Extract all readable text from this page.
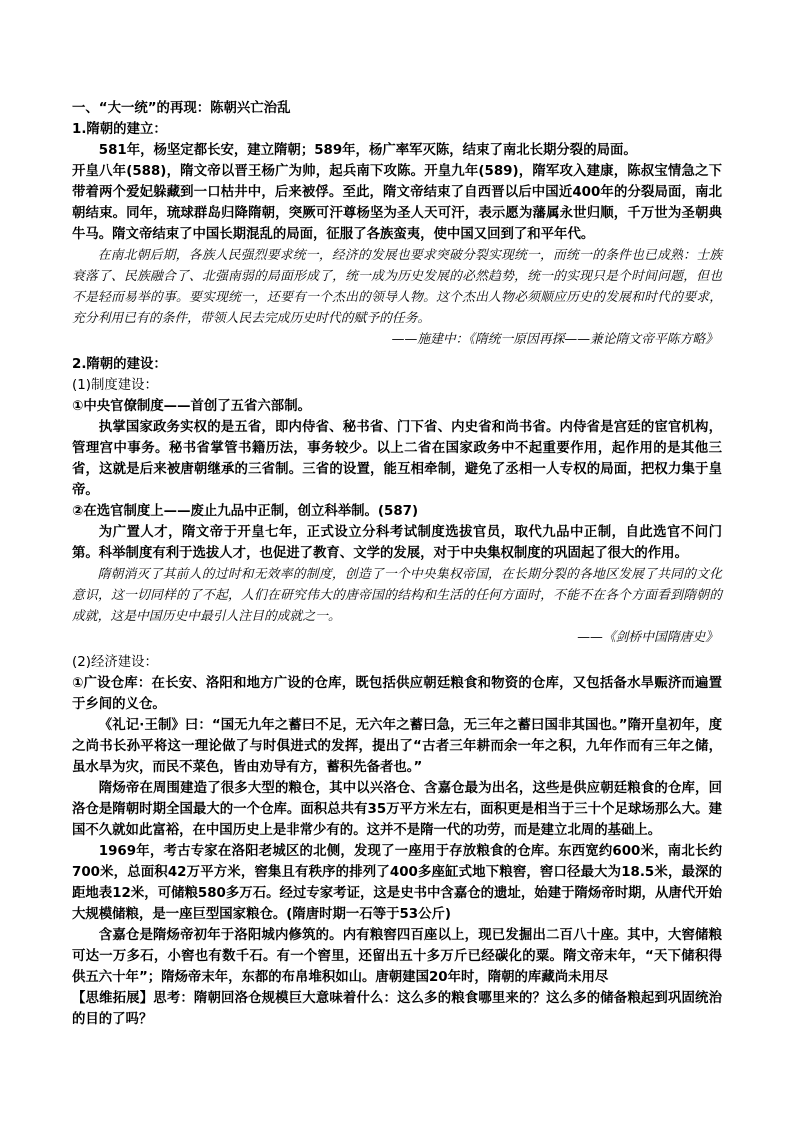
一、“大一统”的再现：陈朝兴亡治乱

1.隋朝的建立：

581年，杨坚定都长安，建立隋朝；589年，杨广率军灭陈，结束了南北长期分裂的局面。

开皇八年(588)，隋文帝以晋王杨广为帅，起兵南下攻陈。开皇九年(589)，隋军攻入建康，陈叔宝情急之下带着两个爱妃躲藏到一口枯井中，后来被俘。至此，隋文帝结束了自西晋以后中国近400年的分裂局面，南北朝结束。同年，琉球群岛归降隋朝，突厥可汗尊杨坚为圣人天可汗，表示愿为藩属永世归顺，千万世为圣朝典牛马。隋文帝结束了中国长期混乱的局面，征服了各族蛮夷，使中国又回到了和平年代。

在南北朝后期，各族人民强烈要求统一，经济的发展也要求突破分裂实现统一，而统一的条件也已成熟：士族衰落了、民族融合了、北强南弱的局面形成了，统一成为历史发展的必然趋势，统一的实现只是个时间问题，但也不是轻而易举的事。要实现统一，还要有一个杰出的领导人物。这个杰出人物必须顺应历史的发展和时代的要求，充分利用已有的条件，带领人民去完成历史时代的赋予的任务。

——施建中：《隋统一原因再探——兼论隋文帝平陈方略》

2.隋朝的建设：

(1)制度建设：

①中央官僚制度——首创了五省六部制。

执掌国家政务实权的是五省，即内侍省、秘书省、门下省、内史省和尚书省。内侍省是宫廷的宦官机构，管理宫中事务。秘书省掌管书籍历法，事务较少。以上二省在国家政务中不起重要作用，起作用的是其他三省，这就是后来被唐朝继承的三省制。三省的设置，能互相牵制，避免了丞相一人专权的局面，把权力集于皇帝。

②在选官制度上——废止九品中正制，创立科举制。(587)

为广置人才，隋文帝于开皇七年，正式设立分科考试制度选拔官员，取代九品中正制，自此选官不问门第。科举制度有利于选拔人才，也促进了教育、文学的发展，对于中央集权制度的巩固起了很大的作用。

隋朝消灭了其前人的过时和无效率的制度，创造了一个中央集权帝国，在长期分裂的各地区发展了共同的文化意识，这一切同样的了不起，人们在研究伟大的唐帝国的结构和生活的任何方面时，不能不在各个方面看到隋朝的成就，这是中国历史中最引人注目的成就之一。

——《剑桥中国隋唐史》

(2)经济建设：

①广设仓库：在长安、洛阳和地方广设的仓库，既包括供应朝廷粮食和物资的仓库，又包括备水旱赈济而遍置于乡间的义仓。

《礼记·王制》曰：“国无九年之蓄曰不足，无六年之蓄曰急，无三年之蓄曰国非其国也。”隋开皇初年，度之尚书长孙平将这一理论做了与时俱进式的发挥，提出了“古者三年耕而余一年之积，九年作而有三年之储，虽水旱为灾，而民不菜色，皆由劝导有方，蓄积先备者也。”

隋炀帝在周围建造了很多大型的粮仓，其中以兴洛仓、含嘉仓最为出名，这些是供应朝廷粮食的仓库，回洛仓是隋朝时期全国最大的一个仓库。面积总共有35万平方米左右，面积更是相当于三十个足球场那么大。建国不久就如此富裕，在中国历史上是非常少有的。这并不是隋一代的功劳，而是建立北周的基础上。

1969年，考古专家在洛阳老城区的北侧，发现了一座用于存放粮食的仓库。东西宽约600米，南北长约700米，总面积42万平方米，窖集且有秩序的排列了400多座缸式地下粮窖，窖口径最大为18.5米，最深的距地表12米，可储粮580多万石。经过专家考证，这是史书中含嘉仓的遗址，始建于隋炀帝时期，从唐代开始大规模储粮，是一座巨型国家粮仓。(隋唐时期一石等于53公斤)

含嘉仓是隋炀帝初年于洛阳城内修筑的。内有粮窖四百座以上，现已发掘出二百八十座。其中，大窖储粮可达一万多石，小窖也有数千石。有一个窖里，还留出五十多万斤已经碳化的粟。隋文帝末年，“天下储积得供五六十年”；隋炀帝末年，东都的布帛堆积如山。唐朝建国20年时，隋朝的库藏尚未用尽

【思维拓展】思考：隋朝回洛仓规模巨大意味着什么：这么多的粮食哪里来的？这么多的储备粮起到巩固统治的目的了吗？
